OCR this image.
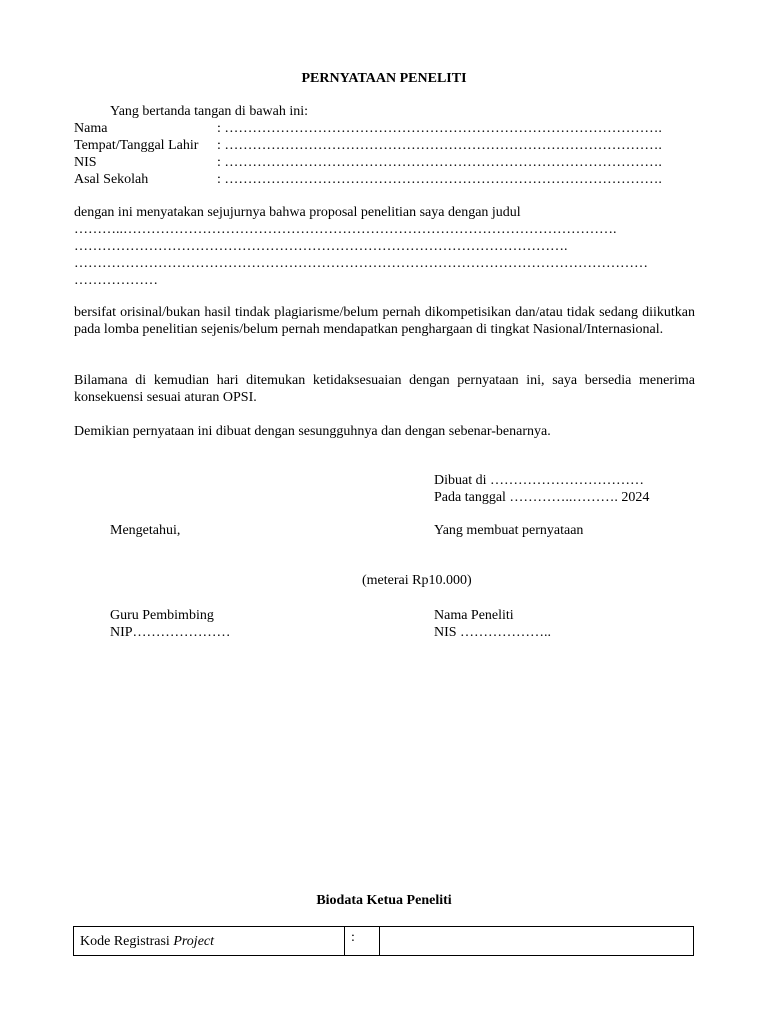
PERNYATAAN PENELITI
Yang bertanda tangan di bawah ini:
Nama	: ………………………………………………………………………………….
Tempat/Tanggal Lahir : ………………………………………………………………………………….
NIS	: ………………………………………………………………………………….
Asal Sekolah	: ………………………………………………………………………………….
dengan ini menyatakan sejujurnya bahwa proposal penelitian saya dengan judul
………..…………………………………………………………………………………………….
…………………………………………………………………………………………….
……………………………………………………………………………………………………………
………………
bersifat orisinal/bukan hasil tindak plagiarisme/belum pernah dikompetisikan dan/atau tidak sedang diikutkan pada lomba penelitian sejenis/belum pernah mendapatkan penghargaan di tingkat Nasional/Internasional.
Bilamana di kemudian hari ditemukan ketidaksesuaian dengan pernyataan ini, saya bersedia menerima konsekuensi sesuai aturan OPSI.
Demikian pernyataan ini dibuat dengan sesungguhnya dan dengan sebenar-benarnya.
Dibuat di ……………………………
Pada tanggal …………..………. 2024
Mengetahui,	Yang membuat pernyataan
(meterai Rp10.000)
Guru Pembimbing
NIP…………………
Nama Peneliti
NIS ………………..
Biodata Ketua Peneliti
Kode Registrasi Project	:	
